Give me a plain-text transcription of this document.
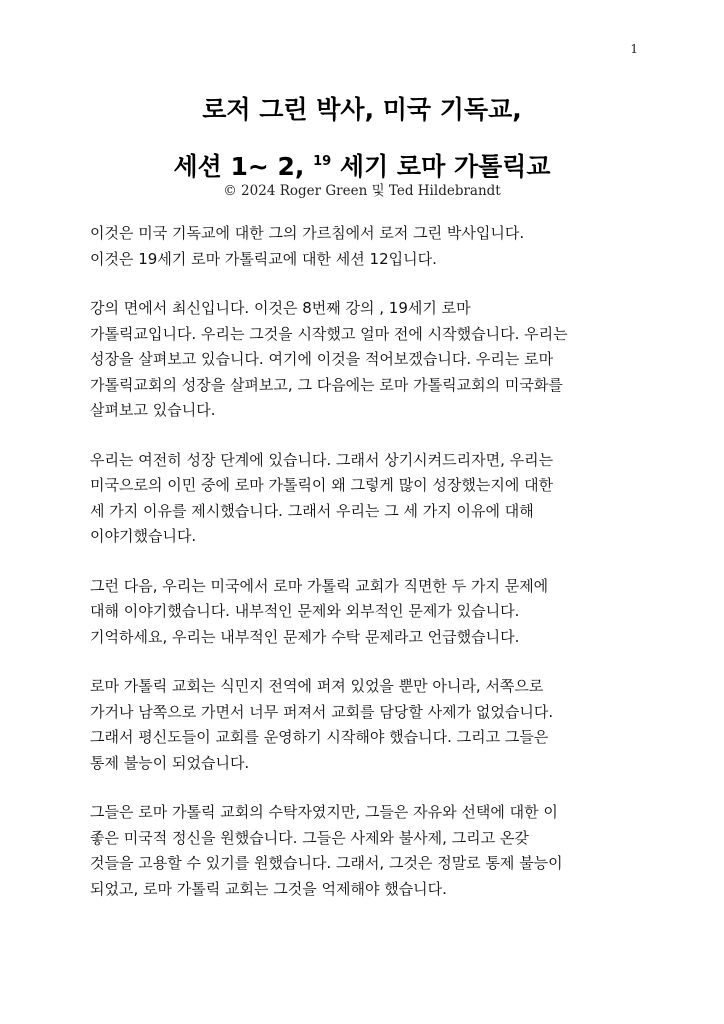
1
로저 그린 박사, 미국 기독교,
세션 1~ 2, $^{19}$ 세기 로마 가톨릭교
© 2024 Roger Green 및 Ted Hildebrandt

이것은 미국 기독교에 대한 그의 가르침에서 로저 그린 박사입니다.
이것은 19세기 로마 가톨릭교에 대한 세션 12입니다.

강의 면에서 최신입니다. 이것은 8번째 강의 , 19세기 로마
가톨릭교입니다. 우리는 그것을 시작했고 얼마 전에 시작했습니다. 우리는
성장을 살펴보고 있습니다. 여기에 이것을 적어보겠습니다. 우리는 로마
가톨릭교회의 성장을 살펴보고, 그 다음에는 로마 가톨릭교회의 미국화를
살펴보고 있습니다.

우리는 여전히 성장 단계에 있습니다. 그래서 상기시켜드리자면, 우리는
미국으로의 이민 중에 로마 가톨릭이 왜 그렇게 많이 성장했는지에 대한
세 가지 이유를 제시했습니다. 그래서 우리는 그 세 가지 이유에 대해
이야기했습니다.

그런 다음, 우리는 미국에서 로마 가톨릭 교회가 직면한 두 가지 문제에
대해 이야기했습니다. 내부적인 문제와 외부적인 문제가 있습니다.
기억하세요, 우리는 내부적인 문제가 수탁 문제라고 언급했습니다.

로마 가톨릭 교회는 식민지 전역에 퍼져 있었을 뿐만 아니라, 서쪽으로
가거나 남쪽으로 가면서 너무 퍼져서 교회를 담당할 사제가 없었습니다.
그래서 평신도들이 교회를 운영하기 시작해야 했습니다. 그리고 그들은
통제 불능이 되었습니다.

그들은 로마 가톨릭 교회의 수탁자였지만, 그들은 자유와 선택에 대한 이
좋은 미국적 정신을 원했습니다. 그들은 사제와 불사제, 그리고 온갖
것들을 고용할 수 있기를 원했습니다. 그래서, 그것은 정말로 통제 불능이
되었고, 로마 가톨릭 교회는 그것을 억제해야 했습니다.
